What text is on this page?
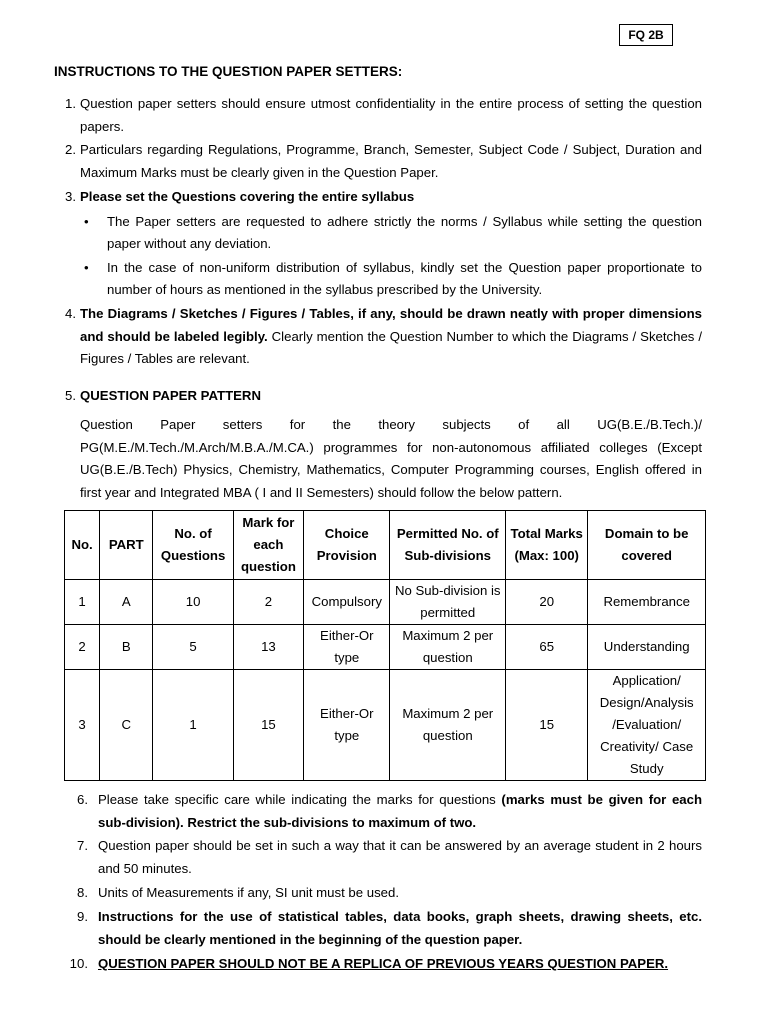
FQ 2B
INSTRUCTIONS TO THE QUESTION PAPER SETTERS:
1. Question paper setters should ensure utmost confidentiality in the entire process of setting the question papers.
2. Particulars regarding Regulations, Programme, Branch, Semester, Subject Code / Subject, Duration and Maximum Marks must be clearly given in the Question Paper.
3. Please set the Questions covering the entire syllabus
• The Paper setters are requested to adhere strictly the norms / Syllabus while setting the question paper without any deviation.
• In the case of non-uniform distribution of syllabus, kindly set the Question paper proportionate to number of hours as mentioned in the syllabus prescribed by the University.
4. The Diagrams / Sketches / Figures / Tables, if any, should be drawn neatly with proper dimensions and should be labeled legibly. Clearly mention the Question Number to which the Diagrams / Sketches / Figures / Tables are relevant.
5. QUESTION PAPER PATTERN
Question Paper setters for the theory subjects of all UG(B.E./B.Tech.)/ PG(M.E./M.Tech./M.Arch/M.B.A./M.CA.) programmes for non-autonomous affiliated colleges (Except UG(B.E./B.Tech) Physics, Chemistry, Mathematics, Computer Programming courses, English offered in first year and Integrated MBA ( I and II Semesters) should follow the below pattern.
No.	PART	No. of Questions	Mark for each question	Choice Provision	Permitted No. of Sub-divisions	Total Marks (Max: 100)	Domain to be covered
1	A	10	2	Compulsory	No Sub-division is permitted	20	Remembrance
2	B	5	13	Either-Or type	Maximum 2 per question	65	Understanding
3	C	1	15	Either-Or type	Maximum 2 per question	15	Application/ Design/Analysis /Evaluation/ Creativity/ Case Study
6. Please take specific care while indicating the marks for questions (marks must be given for each sub-division). Restrict the sub-divisions to maximum of two.
7. Question paper should be set in such a way that it can be answered by an average student in 2 hours and 50 minutes.
8. Units of Measurements if any, SI unit must be used.
9. Instructions for the use of statistical tables, data books, graph sheets, drawing sheets, etc. should be clearly mentioned in the beginning of the question paper.
10. QUESTION PAPER SHOULD NOT BE A REPLICA OF PREVIOUS YEARS QUESTION PAPER.
